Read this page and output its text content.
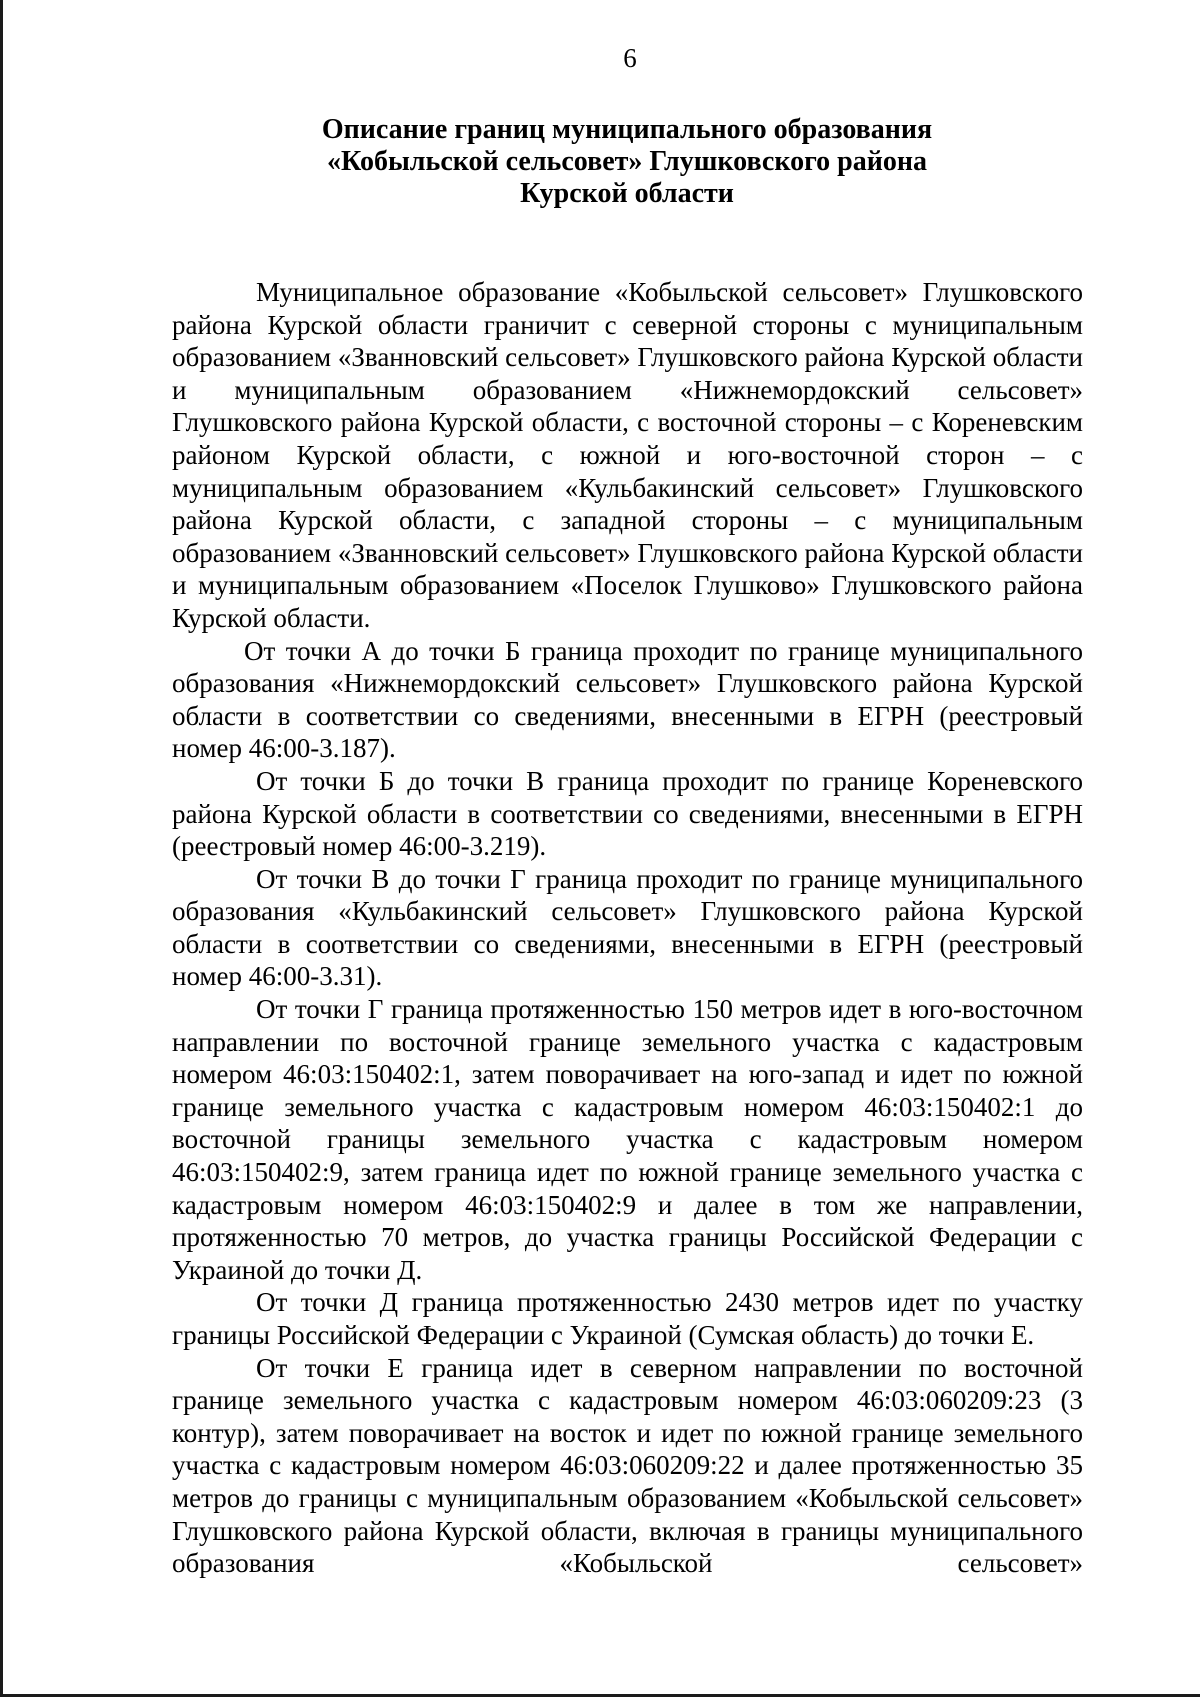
6
Описание границ муниципального образования
«Кобыльской сельсовет» Глушковского района
Курской области

Муниципальное образование «Кобыльской сельсовет» Глушковского района Курской области граничит с северной стороны с муниципальным образованием «Званновский сельсовет» Глушковского района Курской области и муниципальным образованием «Нижнемордокский сельсовет» Глушковского района Курской области, с восточной стороны – с Кореневским районом Курской области, с южной и юго-восточной сторон – с муниципальным образованием «Кульбакинский сельсовет» Глушковского района Курской области, с западной стороны – с муниципальным образованием «Званновский сельсовет» Глушковского района Курской области и муниципальным образованием «Поселок Глушково» Глушковского района Курской области.

От точки А до точки Б граница проходит по границе муниципального образования «Нижнемордокский сельсовет» Глушковского района Курской области в соответствии со сведениями, внесенными в ЕГРН (реестровый номер 46:00-3.187).

От точки Б до точки В граница проходит по границе Кореневского района Курской области в соответствии со сведениями, внесенными в ЕГРН (реестровый номер 46:00-3.219).

От точки В до точки Г граница проходит по границе муниципального образования «Кульбакинский сельсовет» Глушковского района Курской области в соответствии со сведениями, внесенными в ЕГРН (реестровый номер 46:00-3.31).

От точки Г граница протяженностью 150 метров идет в юго-восточном направлении по восточной границе земельного участка с кадастровым номером 46:03:150402:1, затем поворачивает на юго-запад и идет по южной границе земельного участка с кадастровым номером 46:03:150402:1 до восточной границы земельного участка с кадастровым номером 46:03:150402:9, затем граница идет по южной границе земельного участка с кадастровым номером 46:03:150402:9 и далее в том же направлении, протяженностью 70 метров, до участка границы Российской Федерации с Украиной до точки Д.

От точки Д граница протяженностью 2430 метров идет по участку границы Российской Федерации с Украиной (Сумская область) до точки Е.

От точки Е граница идет в северном направлении по восточной границе земельного участка с кадастровым номером 46:03:060209:23 (3 контур), затем поворачивает на восток и идет по южной границе земельного участка с кадастровым номером 46:03:060209:22 и далее протяженностью 35 метров до границы с муниципальным образованием «Кобыльской сельсовет» Глушковского района Курской области, включая в границы муниципального образования «Кобыльской сельсовет»
